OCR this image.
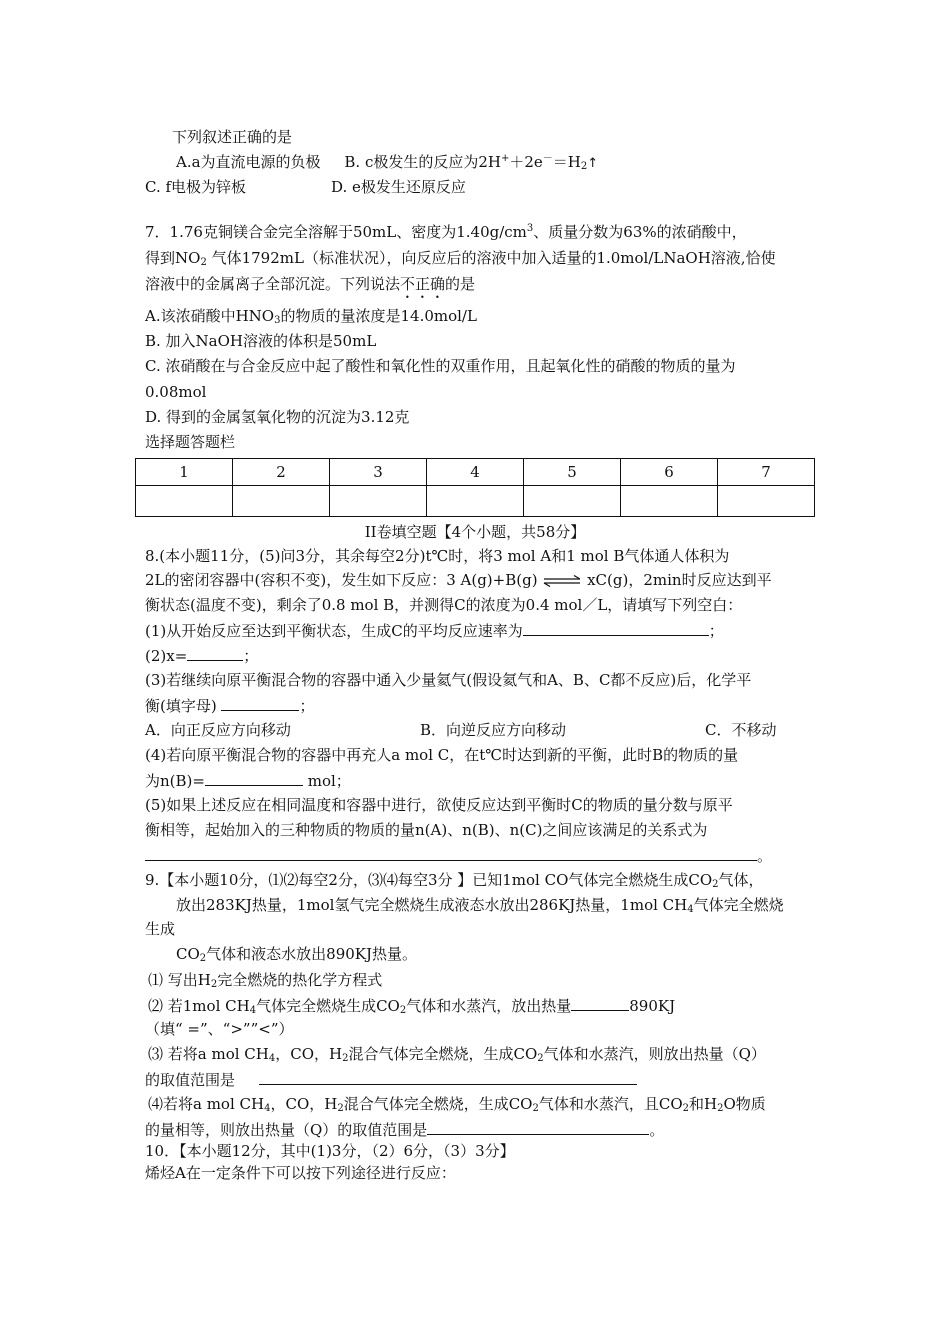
下列叙述正确的是
A.a为直流电源的负极 B. c极发生的反应为$2H^++2e^-=H_2↑$
C. f电极为锌板	D. e极发生还原反应
7．1.76克铜镁合金完全溶解于50mL、密度为$1.40g/cm^3$、质量分数为63%的浓硝酸中，
得到$NO_2$ 气体1792mL（标准状况），向反应后的溶液中加入适量的1.0mol/LNaOH溶液,恰使
溶液中的金属离子全部沉淀。下列说法不正确的是
A.该浓硝酸中$HNO_3$的物质的量浓度是14.0mol/L
B. 加入NaOH溶液的体积是50mL
C. 浓硝酸在与合金反应中起了酸性和氧化性的双重作用，且起氧化性的硝酸的物质的量为
0.08mol
D. 得到的金属氢氧化物的沉淀为3.12克
选择题答题栏
1	2	3	4	5	6	7

II卷填空题【4个小题，共58分】
8.(本小题11分，(5)问3分，其余每空2分)t℃时，将3 mol A和1 mol B气体通人体积为
2L的密闭容器中(容积不变)，发生如下反应：3 A(g)+B(g) ⇌ xC(g)，2min时反应达到平
衡状态(温度不变)，剩余了0.8 mol B，并测得C的浓度为0.4 mol／L，请填写下列空白：
(1)从开始反应至达到平衡状态，生成C的平均反应速率为	；
(2)x=	；
(3)若继续向原平衡混合物的容器中通入少量氦气(假设氦气和A、B、C都不反应)后，化学平
衡(填字母)	；
A．向正反应方向移动	B．向逆反应方向移动	C．不移动
(4)若向原平衡混合物的容器中再充人a mol C，在t℃时达到新的平衡，此时B的物质的量
为n(B)=	mol；
(5)如果上述反应在相同温度和容器中进行，欲使反应达到平衡时C的物质的量分数与原平
衡相等，起始加入的三种物质的物质的量n(A)、n(B)、n(C)之间应该满足的关系式为
。
9.【本小题10分，⑴⑵每空2分，⑶⑷每空3分 】已知1mol CO气体完全燃烧生成$CO_2$气体，
放出283KJ热量，1mol氢气完全燃烧生成液态水放出286KJ热量，1mol $CH_4$气体完全燃烧
生成
$CO_2$气体和液态水放出890KJ热量。
⑴ 写出$H_2$完全燃烧的热化学方程式
⑵ 若1mol $CH_4$气体完全燃烧生成$CO_2$气体和水蒸汽，放出热量	890KJ
（填“ =”、“>””<”）
⑶ 若将a mol $CH_4$，CO，$H_2$混合气体完全燃烧，生成$CO_2$气体和水蒸汽，则放出热量（Q）
的取值范围是
⑷若将a mol $CH_4$，CO，$H_2$混合气体完全燃烧，生成$CO_2$气体和水蒸汽，且$CO_2$和$H_2O$物质
的量相等，则放出热量（Q）的取值范围是	。
10．【本小题12分，其中(1)3分，（2）6分，（3）3分】
烯烃A在一定条件下可以按下列途径进行反应：
